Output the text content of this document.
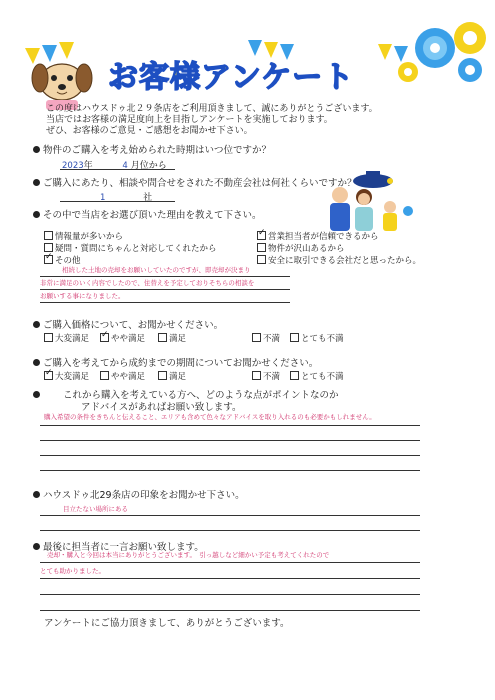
お客様アンケート
この度はハウスドゥ北２９条店をご利用頂きまして、誠にありがとうございます。
当店ではお客様の満足度向上を目指しアンケートを実施しております。
ぜひ、お客様のご意見・ご感想をお聞かせ下さい。
物件のご購入を考え始められた時期はいつ位ですか？
2023年	4 月位から
ご購入にあたり、相談や問合せをされた不動産会社は何社くらいですか？
1	社
その中で当店をお選び頂いた理由を教えて下さい。
情報量が多いから ✓	営業担当者が信頼できるから
疑問・質問にちゃんと対応してくれたから	物件が沢山あるから
✓その他	安全に取引できる会社だと思ったから。
相続した土地の売却をお願いしていたのですが、即売却が決まり
非常に満足のいく内容でしたので、住替えを予定しておりそちらの相談を
お願いする事になりました。
ご購入価格について、お聞かせください。
大変満足 ✓	やや満足	満足	不満	とても不満
ご購入を考えてから成約までの期間についてお聞かせください。
✓大変満足	やや満足	満足	不満	とても不満
これから購入を考えている方へ、どのような点がポイントなのか
アドバイスがあればお願い致します。
購入希望の条件をきちんと伝えること、エリアも含めて色々なアドバイスを取り入れるのも必要かもしれません。
ハウスドゥ北29条店の印象をお聞かせ下さい。
目立たない場所にある
最後に担当者に一言お願い致します。
売却・購入と今回は本当にありがとうございます。　引っ越しなど細かい予定も考えてくれたので
とても助かりました。
アンケートにご協力頂きまして、ありがとうございます。
